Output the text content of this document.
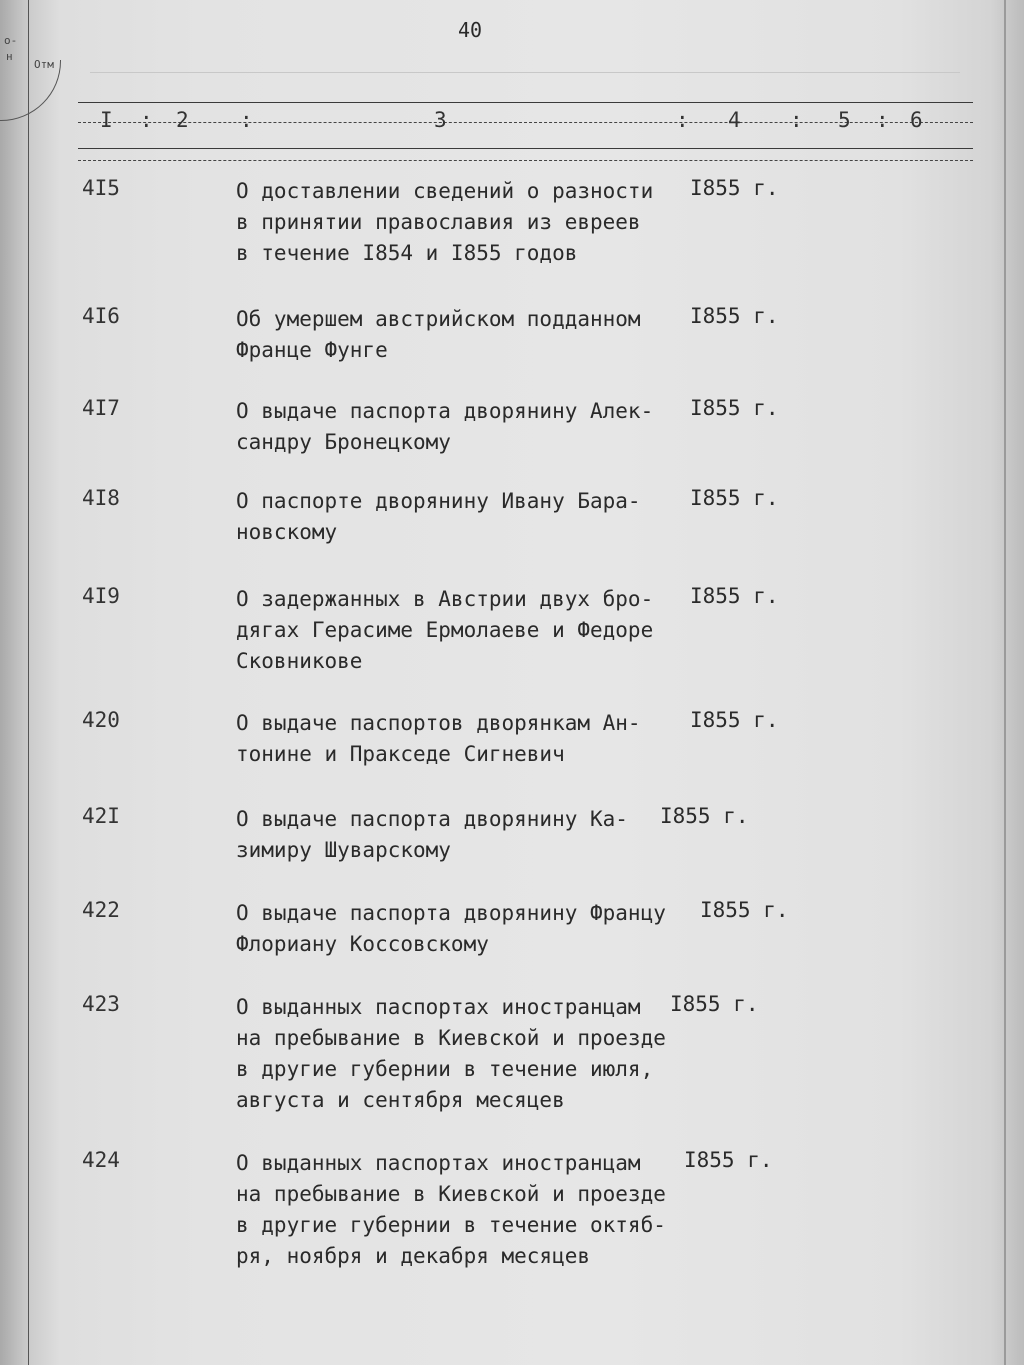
о-
н
Отм
40
I : 2 :	3	: 4 : 5 : 6
4I5	О доставлении сведений о разности
в принятии православия из евреев
в течение I854 и I855 годов
I855 г.
4I6	Об умершем австрийском подданном
Франце Фунге
I855 г.
4I7	О выдаче паспорта дворянину Алек-
сандру Бронецкому
I855 г.
4I8	О паспорте дворянину Ивану Бара-
новскому
I855 г.
4I9	О задержанных в Австрии двух бро-
дягах Герасиме Ермолаеве и Федоре
Сковникове
I855 г.
420	О выдаче паспортов дворянкам Ан-
тонине и Пракседе Сигневич
I855 г.
42I	О выдаче паспорта дворянину Ка-
зимиру Шуварскому
I855 г.
422	О выдаче паспорта дворянину Францу
Флориану Коссовскому
I855 г.
423	О выданных паспортах иностранцам
на пребывание в Киевской и проезде
в другие губернии в течение июля,
августа и сентября месяцев
I855 г.
424	О выданных паспортах иностранцам
на пребывание в Киевской и проезде
в другие губернии в течение октяб-
ря, ноября и декабря месяцев
I855 г.
